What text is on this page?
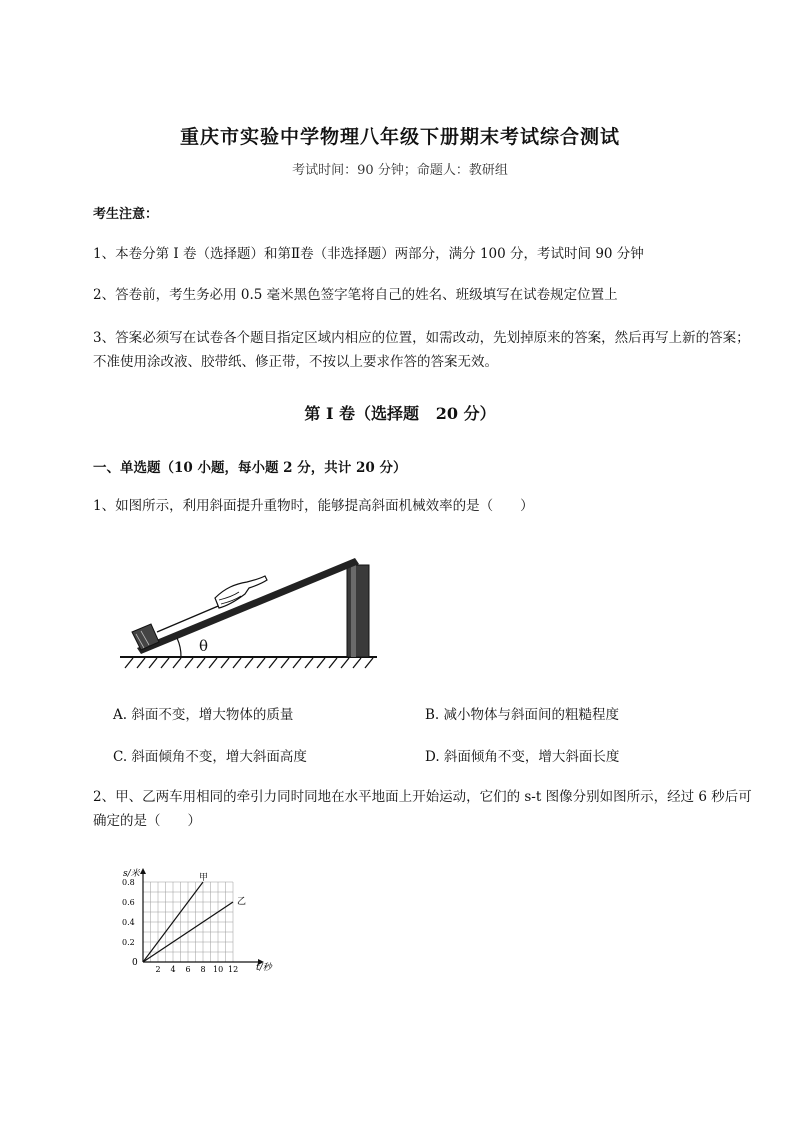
重庆市实验中学物理八年级下册期末考试综合测试
考试时间：90 分钟；命题人：教研组
考生注意：
1、本卷分第 I 卷（选择题）和第Ⅱ卷（非选择题）两部分，满分 100 分，考试时间 90 分钟
2、答卷前，考生务必用 0.5 毫米黑色签字笔将自己的姓名、班级填写在试卷规定位置上
3、答案必须写在试卷各个题目指定区域内相应的位置，如需改动，先划掉原来的答案，然后再写上新的答案；不准使用涂改液、胶带纸、修正带，不按以上要求作答的答案无效。
第 I 卷（选择题   20 分）
一、单选题（10 小题，每小题 2 分，共计 20 分）
1、如图所示，利用斜面提升重物时，能够提高斜面机械效率的是（　　）
θ
A. 斜面不变，增大物体的质量	B. 减小物体与斜面间的粗糙程度
C. 斜面倾角不变，增大斜面高度	D. 斜面倾角不变，增大斜面长度
2、甲、乙两车用相同的牵引力同时同地在水平地面上开始运动，它们的 s-t 图像分别如图所示，经过 6 秒后可确定的是（　　）
s/米
t/秒
0
0.8
0.6
0.4
0.2
2 4 6 8 10 12
甲
乙
